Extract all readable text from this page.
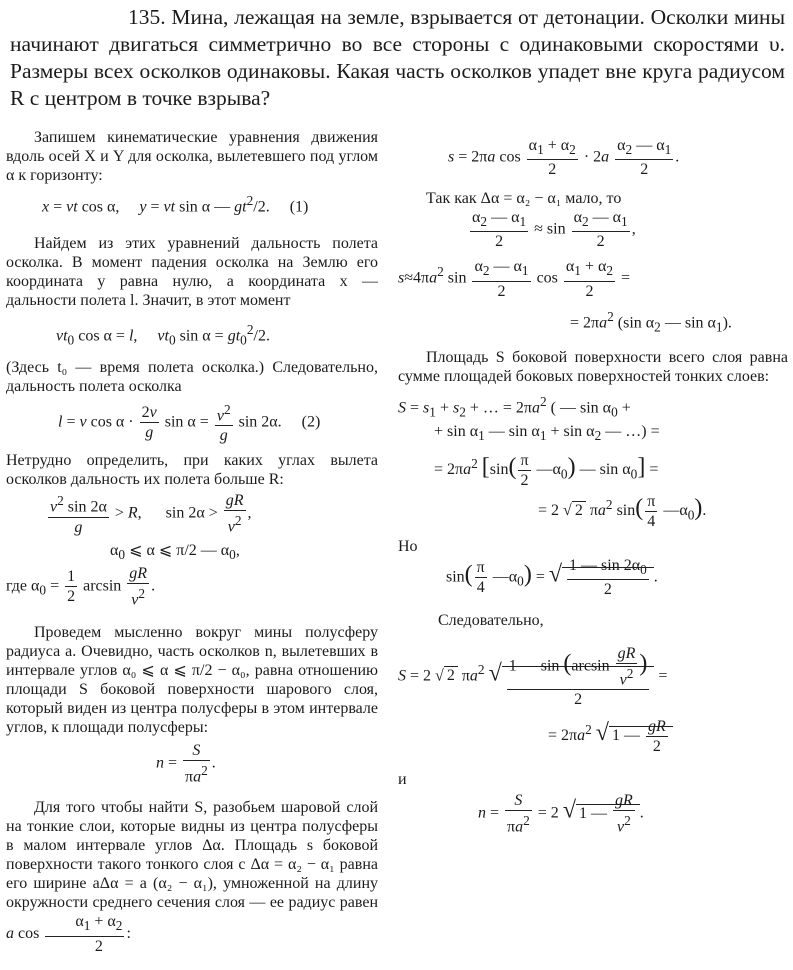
135. Мина, лежащая на земле, взрывается от детонации. Осколки мины начинают двигаться симметрично во все стороны с одинаковыми скоростями υ. Размеры всех осколков одинаковы. Какая часть осколков упадет вне круга радиусом R с центром в точке взрыва?

Запишем кинематические уравнения движения вдоль осей X и Y для осколка, вылетевшего под углом α к горизонту:

x = vt cos α,     y = vt sin α — $gt^2/2$.     (1)

Найдем из этих уравнений дальность полета осколка. В момент падения осколка на Землю его координата y равна нулю, а координата x — дальности полета l. Значит, в этот момент

$vt_0$ cos α = l,     $vt_0$ $\sin \alpha = gt_0^2/2$.

(Здесь t₀ — время полета осколка.) Следовательно, дальность полета осколка

l = v $\cos \alpha \cdot \frac{2v}{g}$ $\sin \alpha = \frac{v^2}{g}$ sin 2α.     (2)

Нетрудно определить, при каких углах вылета осколков дальность их полета больше R:

$\frac{v^2 \sin 2\alpha}{g} > R$,      $\sin 2\alpha > \frac{gR}{v^2}$ ,
$\alpha_0$ ⩽ α ⩽ π/2 — $\alpha_0$,
где $\alpha_0 = \frac{1}{2}$ $\arcsin \frac{gR}{v^2}$ .

Проведем мысленно вокруг мины полусферу радиуса a. Очевидно, часть осколков n, вылетевших в интервале углов α₀ ⩽ α ⩽ π/2 − α₀, равна отношению площади S боковой поверхности шарового слоя, который виден из центра полусферы в этом интервале углов, к площади полусферы:

$n = \frac{S}{\pi a^2}$ .

Для того чтобы найти S, разобьем шаровой слой на тонкие слои, которые видны из центра полусферы в малом интервале углов Δα. Площадь s боковой поверхности такого тонкого слоя с Δα = α₂ − α₁ равна его ширине aΔα = a (α₂ − α₁), умноженной на длину окружности среднего сечения слоя — ее радиус равен a $\cos \frac{\alpha_1 + \alpha_2}{2}$ :

s = 2πa $\cos \frac{\alpha_1 + \alpha_2}{2} \cdot 2a \frac{\alpha_2 — \alpha_1}{2}$ .

Так как Δα = α₂ − α₁ мало, то

$\frac{\alpha_2 — \alpha_1}{2} \approx \sin \frac{\alpha_2 — \alpha_1}{2}$ ,
$s\approx 4\pi a^2$ $\sin \frac{\alpha_2 — \alpha_1}{2}$ $\cos \frac{\alpha_1 + \alpha_2}{2}$ =
= $2\pi a^2$ (sin $\alpha_2$ — $\sin \alpha_1$).

Площадь S боковой поверхности всего слоя равна сумме площадей боковых поверхностей тонких слоев:

$S = s_1 + s_2$ + … = $2\pi a^2$ ( — $\sin \alpha_0$ +
+ $\sin \alpha_1$ — $\sin \alpha_1 + \sin \alpha_2$ — …) =
= $2\pi a^2$ [$\sin( \frac{\pi}{2}$ $—\alpha_0$) — $\sin \alpha_0$] =
= 2 √ 2 $\pi a^2$ $\sin( \frac{\pi}{4}$ $—\alpha_0$).
Но
$\sin( \frac{\pi}{4}$ $—\alpha_0$) = √ $\frac{1 — \sin 2\alpha_0}{2}$ .
Следовательно,
S = 2 √ 2 $\pi a^2$ √ $\frac{1 — \sin (\arcsin \frac{gR}{v^2} )}{2}$ =
= $2\pi a^2$ √ 1 — $\frac{gR}{2}$
и
$n = \frac{S}{\pi a^2} = 2$ √ 1 — $\frac{gR}{v^2}$ .
